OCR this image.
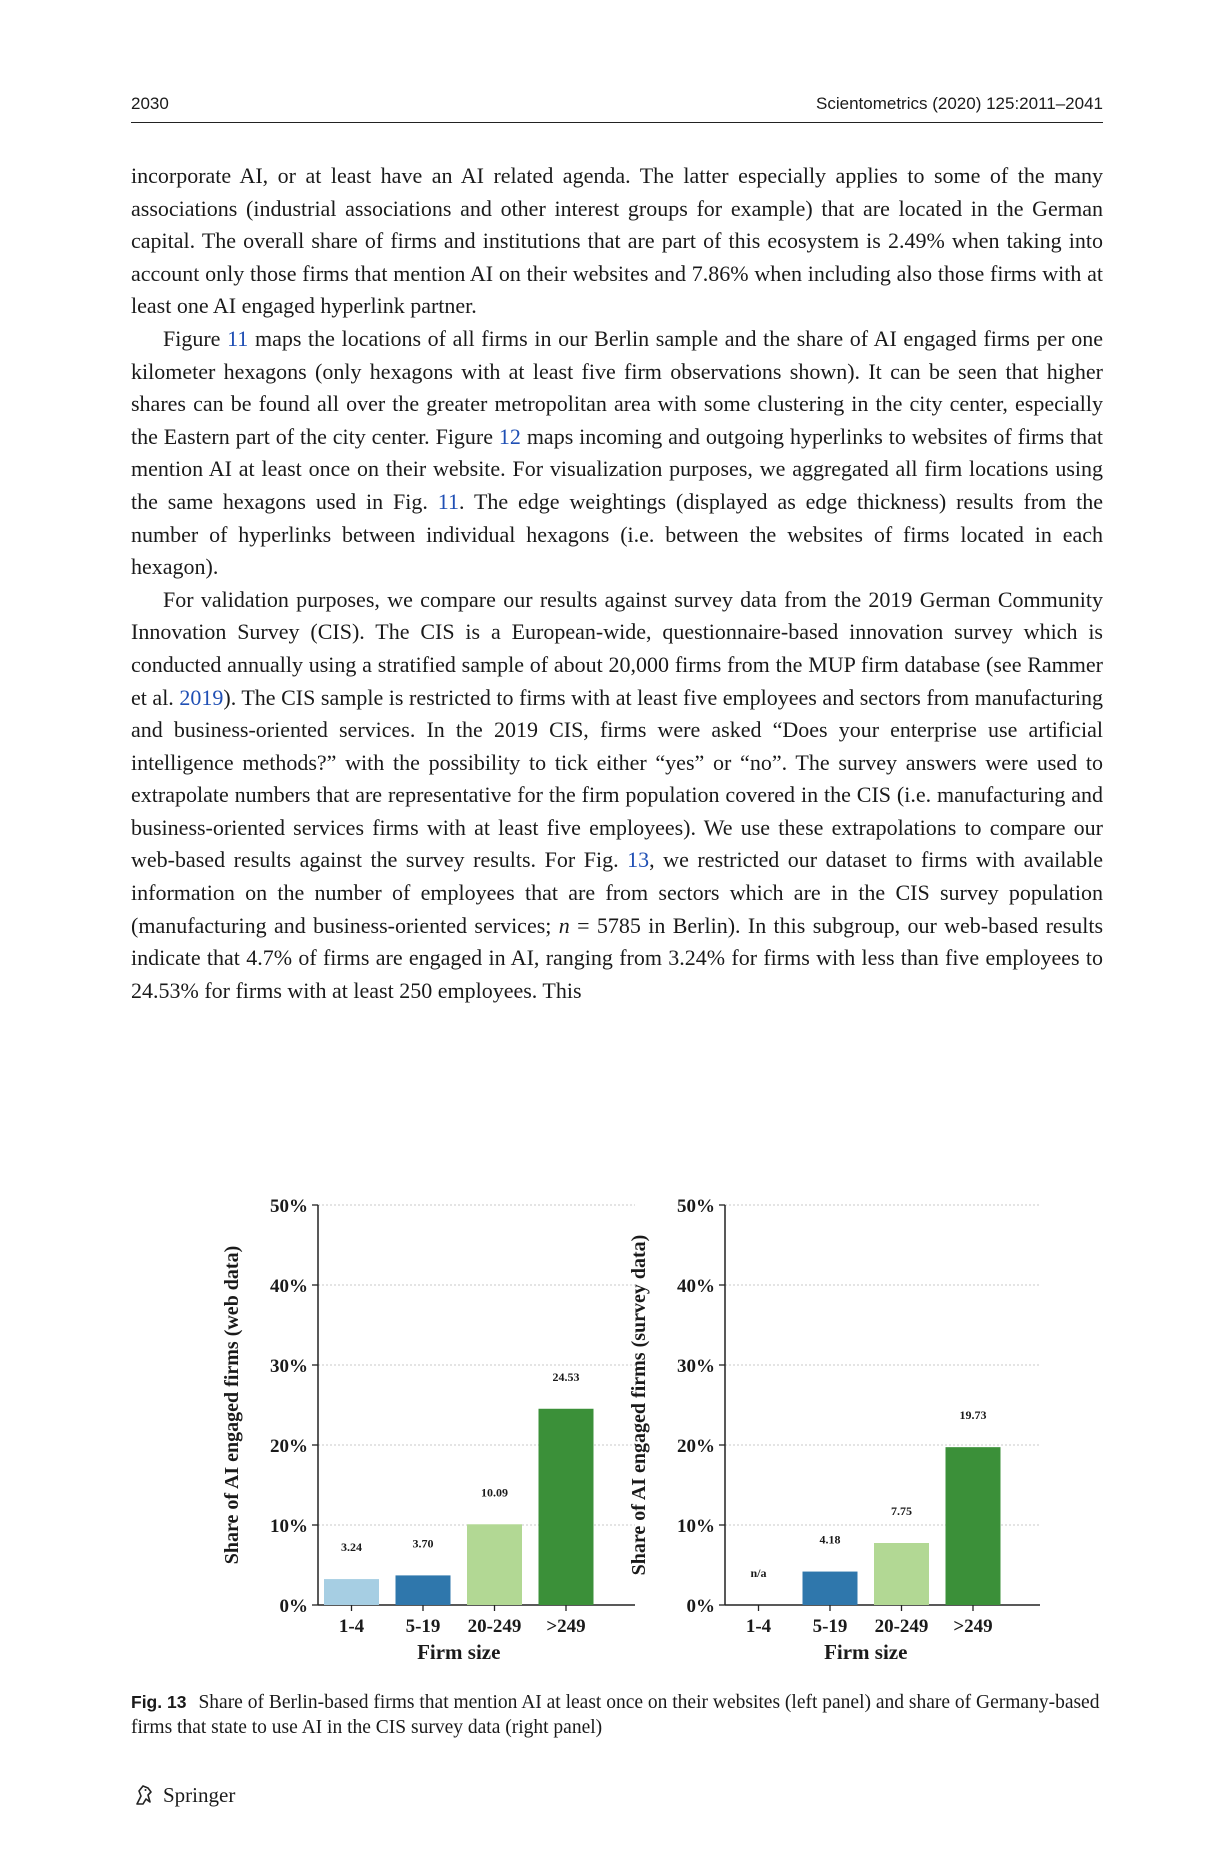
2030	Scientometrics (2020) 125:2011–2041

incorporate AI, or at least have an AI related agenda. The latter especially applies to some of the many associations (industrial associations and other interest groups for example) that are located in the German capital. The overall share of firms and institutions that are part of this ecosystem is 2.49% when taking into account only those firms that mention AI on their websites and 7.86% when including also those firms with at least one AI engaged hyperlink partner.

Figure 11 maps the locations of all firms in our Berlin sample and the share of AI engaged firms per one kilometer hexagons (only hexagons with at least five firm observations shown). It can be seen that higher shares can be found all over the greater metropolitan area with some clustering in the city center, especially the Eastern part of the city center. Figure 12 maps incoming and outgoing hyperlinks to websites of firms that mention AI at least once on their website. For visualization purposes, we aggregated all firm locations using the same hexagons used in Fig. 11. The edge weightings (displayed as edge thickness) results from the number of hyperlinks between individual hexagons (i.e. between the websites of firms located in each hexagon).

For validation purposes, we compare our results against survey data from the 2019 German Community Innovation Survey (CIS). The CIS is a European-wide, questionnaire-based innovation survey which is conducted annually using a stratified sample of about 20,000 firms from the MUP firm database (see Rammer et al. 2019). The CIS sample is restricted to firms with at least five employees and sectors from manufacturing and business-oriented services. In the 2019 CIS, firms were asked “Does your enterprise use artificial intelligence methods?” with the possibility to tick either “yes” or “no”. The survey answers were used to extrapolate numbers that are representative for the firm population covered in the CIS (i.e. manufacturing and business-oriented services firms with at least five employees). We use these extrapolations to compare our web-based results against the survey results. For Fig. 13, we restricted our dataset to firms with available information on the number of employees that are from sectors which are in the CIS survey population (manufacturing and business-oriented services; n = 5785 in Berlin). In this subgroup, our web-based results indicate that 4.7% of firms are engaged in AI, ranging from 3.24% for firms with less than five employees to 24.53% for firms with at least 250 employees. This

0%
10%
20%
30%
40%
50%
3.24
1-4
3.70
5-19
10.09
20-249
24.53
>249
Firm size
Share of AI engaged firms (web data)
0%
10%
20%
30%
40%
50%
n/a
1-4
4.18
5-19
7.75
20-249
19.73
>249
Firm size
Share of AI engaged firms (survey data)
Fig. 13 Share of Berlin-based firms that mention AI at least once on their websites (left panel) and share of Germany-based firms that state to use AI in the CIS survey data (right panel)
Springer
